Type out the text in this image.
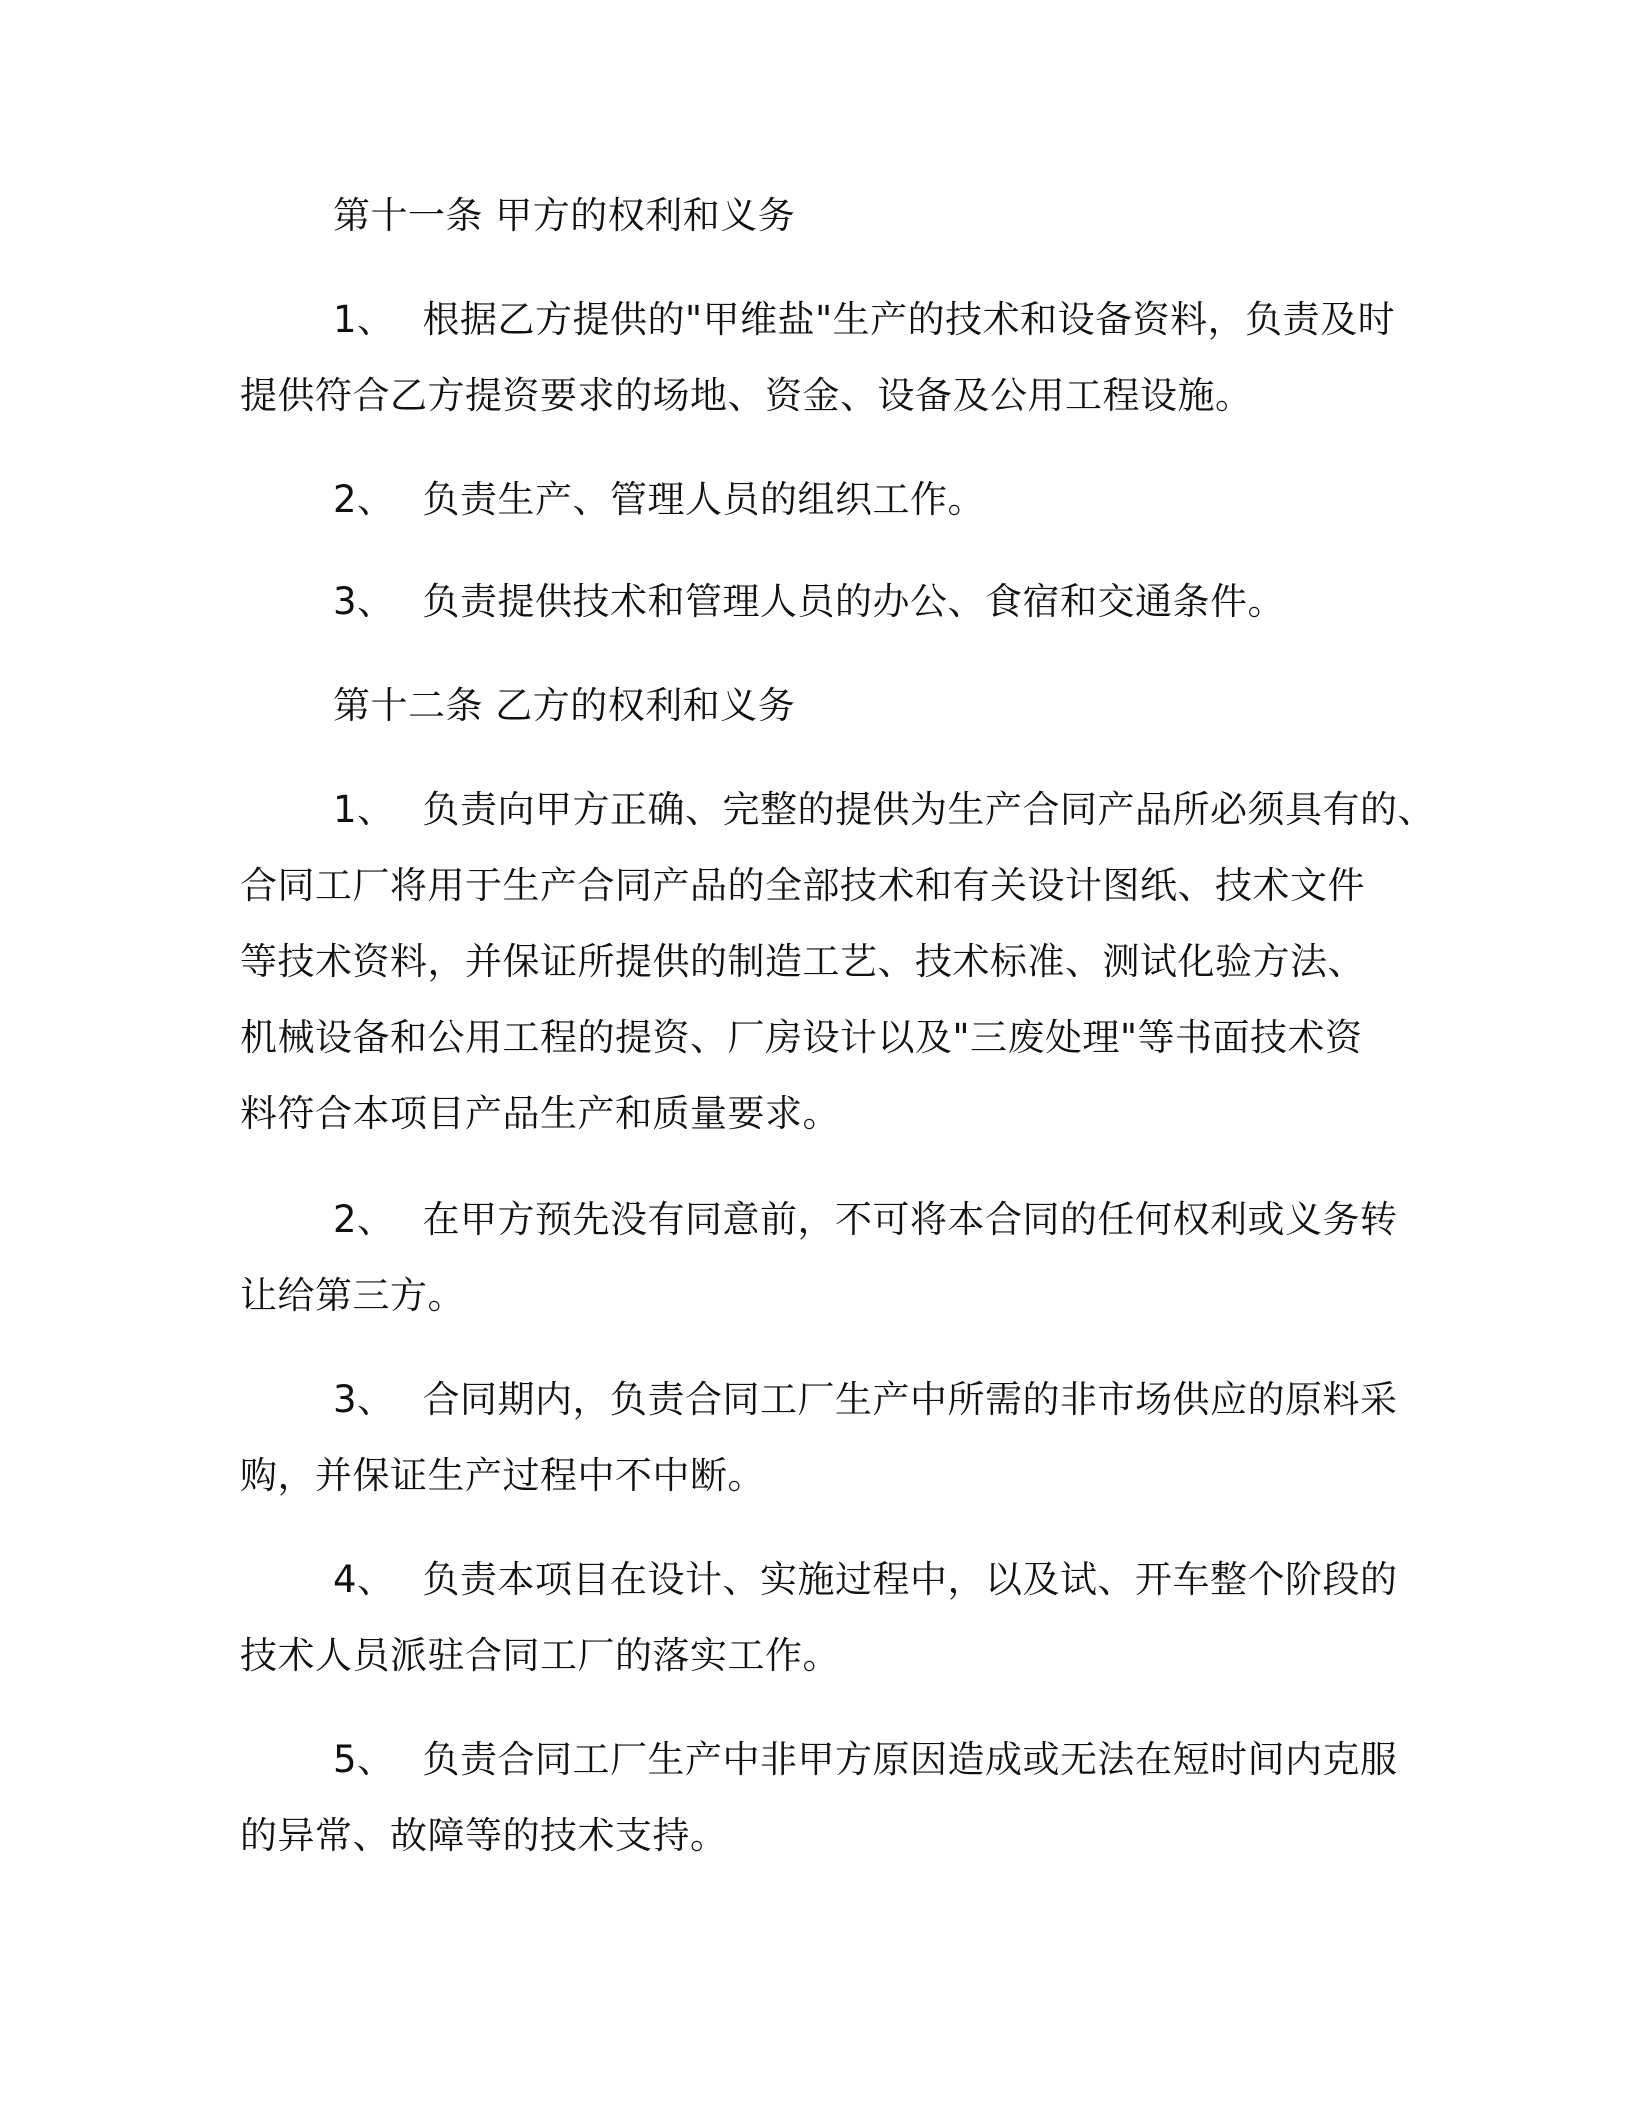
第十一条 甲方的权利和义务
1、 根据乙方提供的"甲维盐"生产的技术和设备资料，负责及时
提供符合乙方提资要求的场地、资金、设备及公用工程设施。
2、 负责生产、管理人员的组织工作。
3、 负责提供技术和管理人员的办公、食宿和交通条件。
第十二条 乙方的权利和义务
1、 负责向甲方正确、完整的提供为生产合同产品所必须具有的、
合同工厂将用于生产合同产品的全部技术和有关设计图纸、技术文件
等技术资料，并保证所提供的制造工艺、技术标准、测试化验方法、
机械设备和公用工程的提资、厂房设计以及"三废处理"等书面技术资
料符合本项目产品生产和质量要求。
2、 在甲方预先没有同意前，不可将本合同的任何权利或义务转
让给第三方。
3、 合同期内，负责合同工厂生产中所需的非市场供应的原料采
购，并保证生产过程中不中断。
4、 负责本项目在设计、实施过程中，以及试、开车整个阶段的
技术人员派驻合同工厂的落实工作。
5、 负责合同工厂生产中非甲方原因造成或无法在短时间内克服
的异常、故障等的技术支持。
